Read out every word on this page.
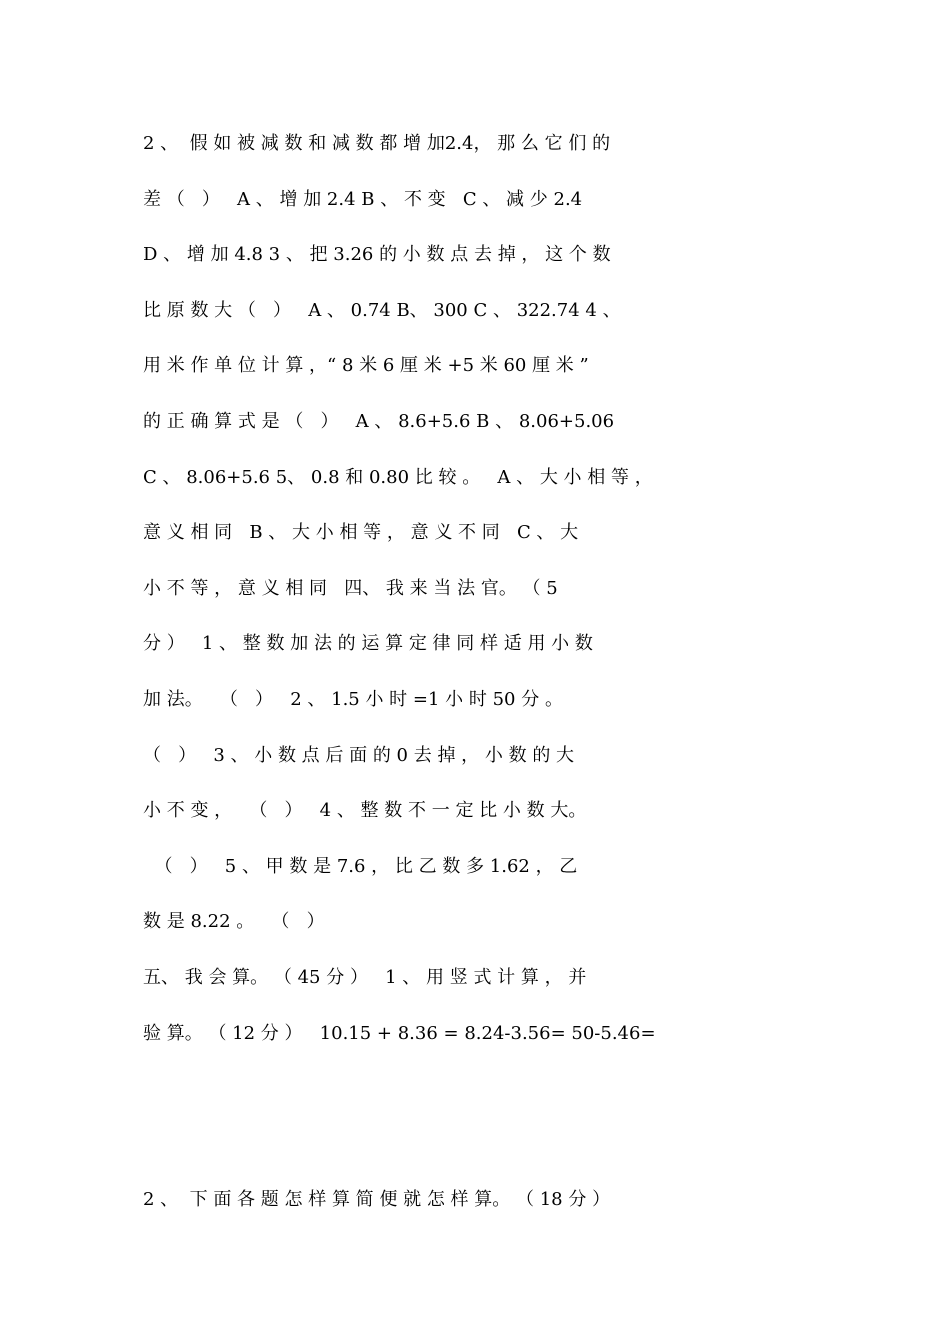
2 、  假 如 被 减 数 和 减 数 都 增 加2.4， 那 么 它 们 的
差 （   ）   A 、 增 加 2.4 B 、 不 变   C 、 减 少 2.4
D 、 增 加 4.8 3 、 把 3.26 的 小 数 点 去 掉 ， 这 个 数
比 原 数 大 （   ）   A 、 0.74 B、 300 C 、 322.74 4 、
用 米 作 单 位 计 算 ，“ 8 米 6 厘 米 +5 米 60 厘 米 ”
的 正 确 算 式 是 （   ）   A 、 8.6+5.6 B 、 8.06+5.06
C 、 8.06+5.6 5、 0.8 和 0.80 比 较 。   A 、 大 小 相 等 ，
意 义 相 同   B 、 大 小 相 等 ， 意 义 不 同   C 、 大
小 不 等 ， 意 义 相 同   四、 我 来 当 法 官。 （ 5
分 ）   1 、 整 数 加 法 的 运 算 定 律 同 样 适 用 小 数
加 法。   （   ）   2 、 1.5 小 时 =1 小 时 50 分 。
（   ）   3 、 小 数 点 后 面 的 0 去 掉 ， 小 数 的 大
小 不 变 ，   （   ）   4 、 整 数 不 一 定 比 小 数 大。
（   ）   5 、 甲 数 是 7.6 ， 比 乙 数 多 1.62 ， 乙
数 是 8.22 。   （   ）
五、 我 会 算。 （ 45 分 ）   1 、 用 竖 式 计 算 ， 并
验 算。 （ 12 分 ）   10.15 + 8.36 = 8.24-3.56= 50-5.46=
2 、  下 面 各 题 怎 样 算 简 便 就 怎 样 算。 （ 18 分 ）
